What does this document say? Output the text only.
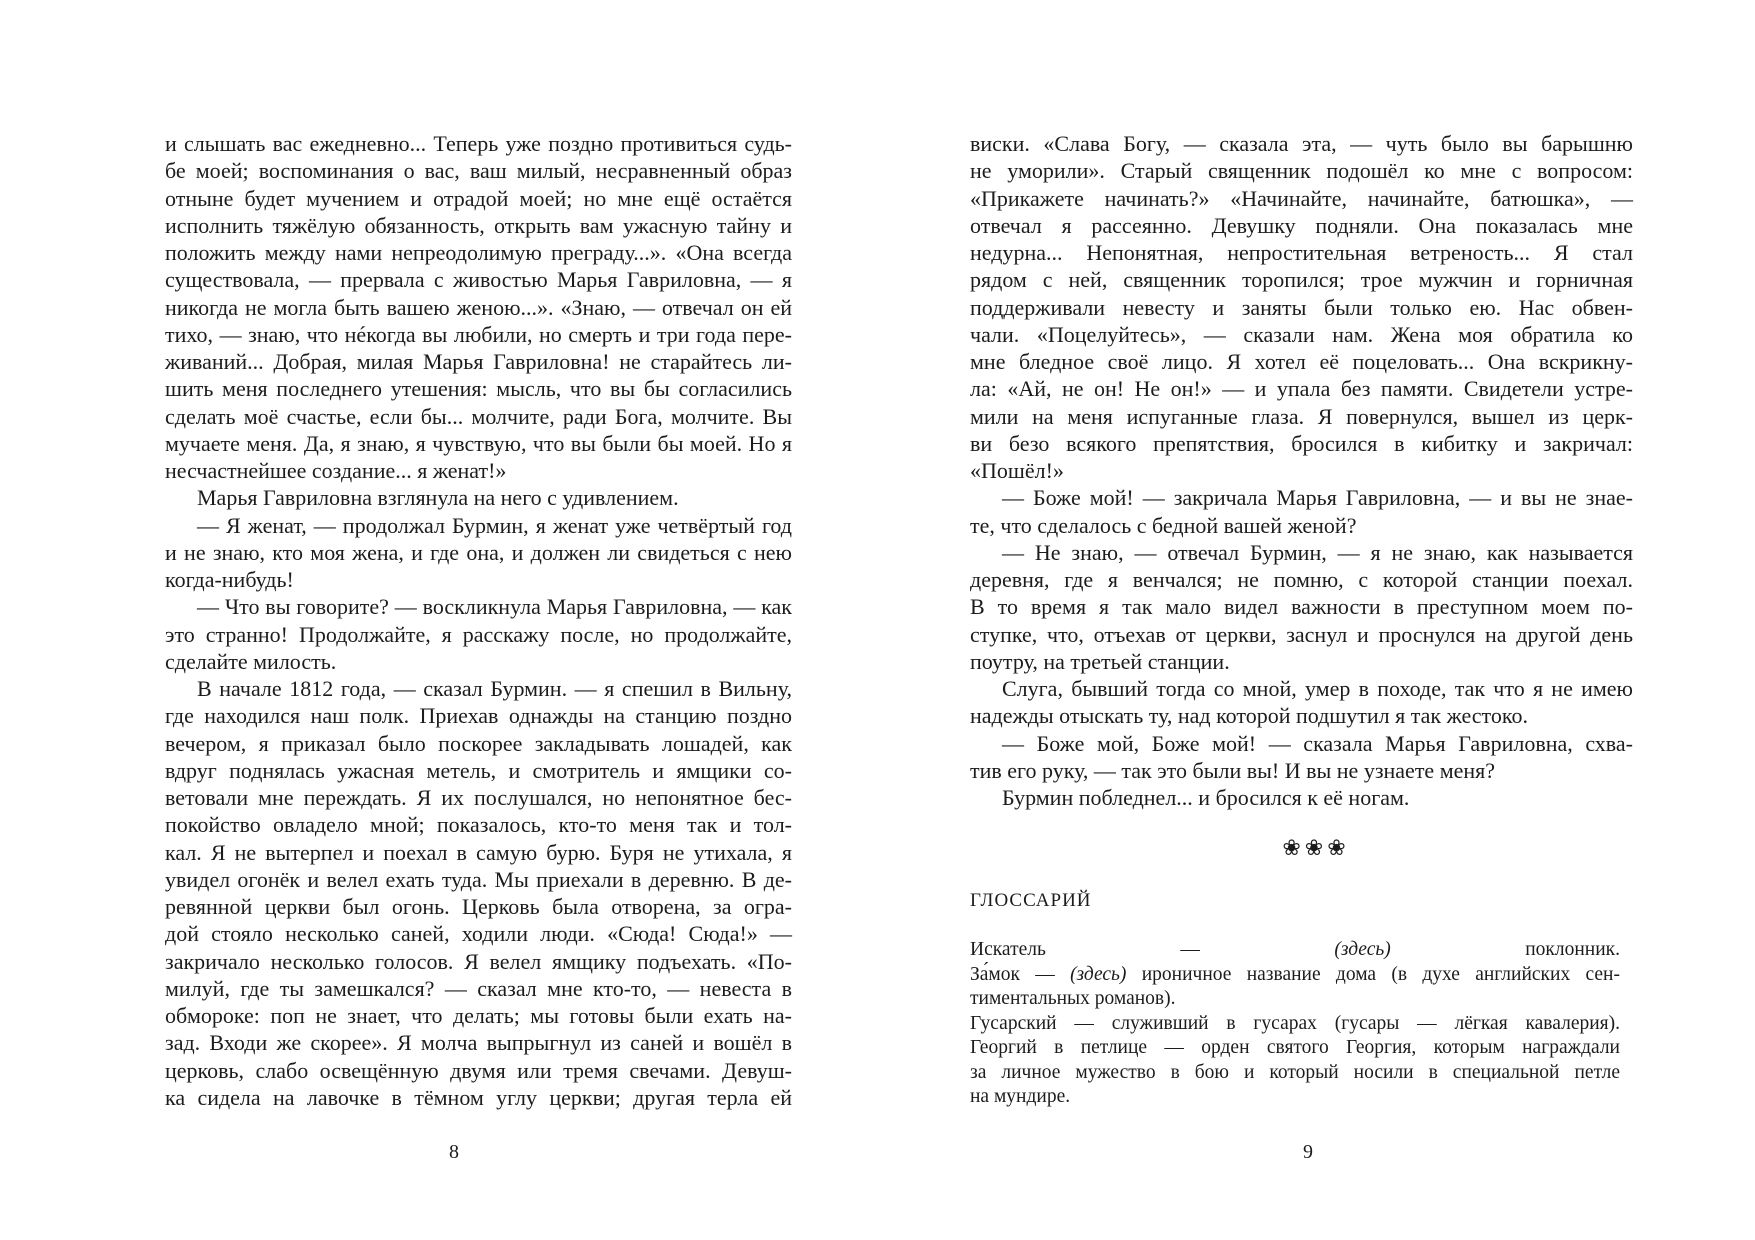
и слышать вас ежедневно... Теперь уже поздно противиться судь-
бе моей; воспоминания о вас, ваш милый, несравненный образ
отныне будет мучением и отрадой моей; но мне ещё остаётся
исполнить тяжёлую обязанность, открыть вам ужасную тайну и
положить между нами непреодолимую преграду...». «Она всегда
существовала, — прервала с живостью Марья Гавриловна, — я
никогда не могла быть вашею женою...». «Знаю, — отвечал он ей
тихо, — знаю, что нéкогда вы любили, но смерть и три года пере-
живаний... Добрая, милая Марья Гавриловна! не старайтесь ли-
шить меня последнего утешения: мысль, что вы бы согласились
сделать моё счастье, если бы... молчите, ради Бога, молчите. Вы
мучаете меня. Да, я знаю, я чувствую, что вы были бы моей. Но я
несчастнейшее создание... я женат!»
Марья Гавриловна взглянула на него с удивлением.
— Я женат, — продолжал Бурмин, я женат уже четвёртый год
и не знаю, кто моя жена, и где она, и должен ли свидеться с нею
когда-нибудь!
— Что вы говорите? — воскликнула Марья Гавриловна, — как
это странно! Продолжайте, я расскажу после, но продолжайте,
сделайте милость.
В начале 1812 года, — сказал Бурмин. — я спешил в Вильну,
где находился наш полк. Приехав однажды на станцию поздно
вечером, я приказал было поскорее закладывать лошадей, как
вдруг поднялась ужасная метель, и смотритель и ямщики со-
ветовали мне переждать. Я их послушался, но непонятное бес-
покойство овладело мной; показалось, кто-то меня так и тол-
кал. Я не вытерпел и поехал в самую бурю. Буря не утихала, я
увидел огонёк и велел ехать туда. Мы приехали в деревню. В де-
ревянной церкви был огонь. Церковь была отворена, за огра-
дой стояло несколько саней, ходили люди. «Сюда! Сюда!» —
закричало несколько голосов. Я велел ямщику подъехать. «По-
милуй, где ты замешкался? — сказал мне кто-то, — невеста в
обмороке: поп не знает, что делать; мы готовы были ехать на-
зад. Входи же скорее». Я молча выпрыгнул из саней и вошёл в
церковь, слабо освещённую двумя или тремя свечами. Девуш-
ка сидела на лавочке в тёмном углу церкви; другая терла ей
8
виски. «Слава Богу, — сказала эта, — чуть было вы барышню
не уморили». Старый священник подошёл ко мне с вопросом:
«Прикажете начинать?» «Начинайте, начинайте, батюшка», —
отвечал я рассеянно. Девушку подняли. Она показалась мне
недурна... Непонятная, непростительная ветреность... Я стал
рядом с ней, священник торопился; трое мужчин и горничная
поддерживали невесту и заняты были только ею. Нас обвен-
чали. «Поцелуйтесь», — сказали нам. Жена моя обратила ко
мне бледное своё лицо. Я хотел её поцеловать... Она вскрикну-
ла: «Ай, не он! Не он!» — и упала без памяти. Свидетели устре-
мили на меня испуганные глаза. Я повернулся, вышел из церк-
ви безо всякого препятствия, бросился в кибитку и закричал:
«Пошёл!»
— Боже мой! — закричала Марья Гавриловна, — и вы не знае-
те, что сделалось с бедной вашей женой?
— Не знаю, — отвечал Бурмин, — я не знаю, как называется
деревня, где я венчался; не помню, с которой станции поехал.
В то время я так мало видел важности в преступном моем по-
ступке, что, отъехав от церкви, заснул и проснулся на другой день
поутру, на третьей станции.
Слуга, бывший тогда со мной, умер в походе, так что я не имею
надежды отыскать ту, над которой подшутил я так жестоко.
— Боже мой, Боже мой! — сказала Марья Гавриловна, схва-
тив его руку, — так это были вы! И вы не узнаете меня?
Бурмин побледнел... и бросился к её ногам.
❀❀❀
ГЛОССАРИЙ
Искатель — (здесь) поклонник.
За́мок — (здесь) ироничное название дома (в духе английских сен-
тиментальных романов).
Гусарский — служивший в гусарах (гусары — лёгкая кавалерия).
Георгий в петлице — орден святого Георгия, которым награждали
за личное мужество в бою и который носили в специальной петле
на мундире.
9
